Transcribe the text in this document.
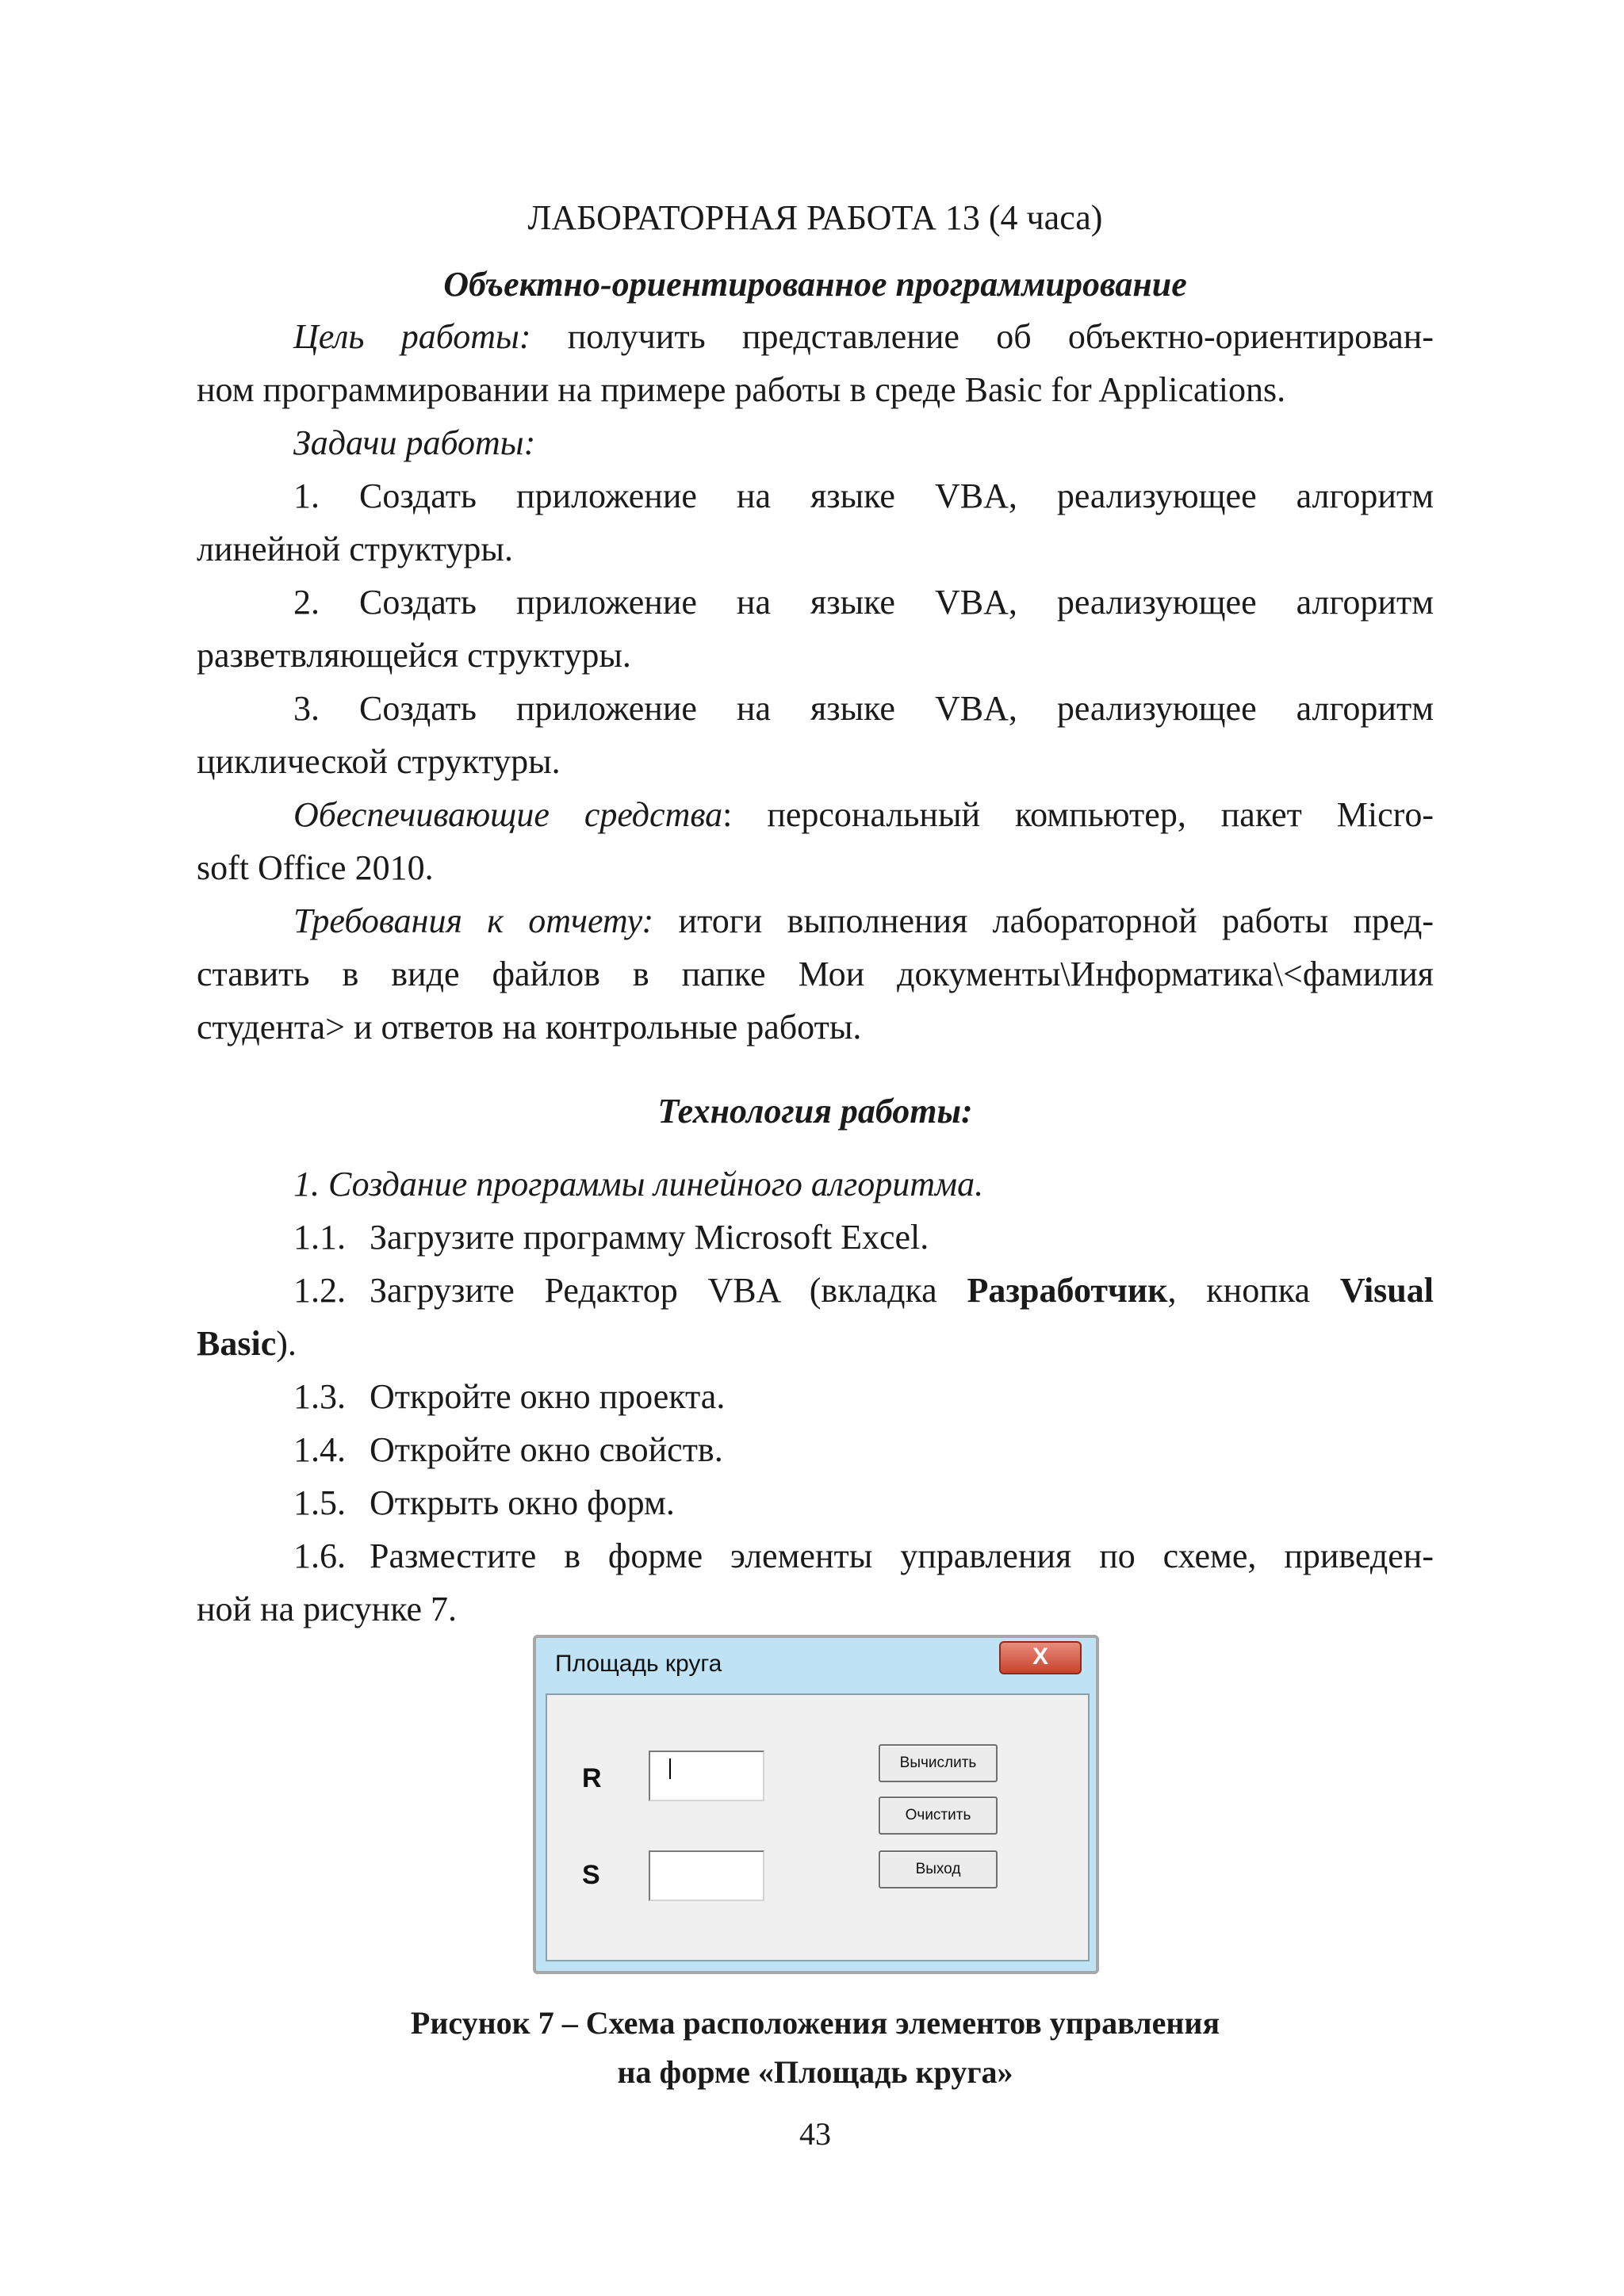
ЛАБОРАТОРНАЯ РАБОТА 13 (4 часа)
Объектно-ориентированное программирование
Цель работы: получить представление об объектно-ориентирован-
ном программировании на примере работы в среде Basic for Applications.
Задачи работы:
1. Создать приложение на языке VBA, реализующее алгоритм
линейной структуры.
2. Создать приложение на языке VBA, реализующее алгоритм
разветвляющейся структуры.
3. Создать приложение на языке VBA, реализующее алгоритм
циклической структуры.
Обеспечивающие средства: персональный компьютер, пакет Micro-
soft Office 2010.
Требования к отчету: итоги выполнения лабораторной работы пред-
ставить в виде файлов в папке Мои документы\Информатика\<фамилия
студента> и ответов на контрольные работы.
Технология работы:
1. Создание программы линейного алгоритма.
1.1. Загрузите программу Microsoft Excel.
1.2. Загрузите Редактор VBA (вкладка Разработчик, кнопка Visual
Basic).
1.3. Откройте окно проекта.
1.4. Откройте окно свойств.
1.5. Открыть окно форм.
1.6. Разместите в форме элементы управления по схеме, приведен-
ной на рисунке 7.
Рисунок 7 – Схема расположения элементов управления
на форме «Площадь круга»
43
Площадь круга	X
R
S
Вычислить
Очистить
Выход
